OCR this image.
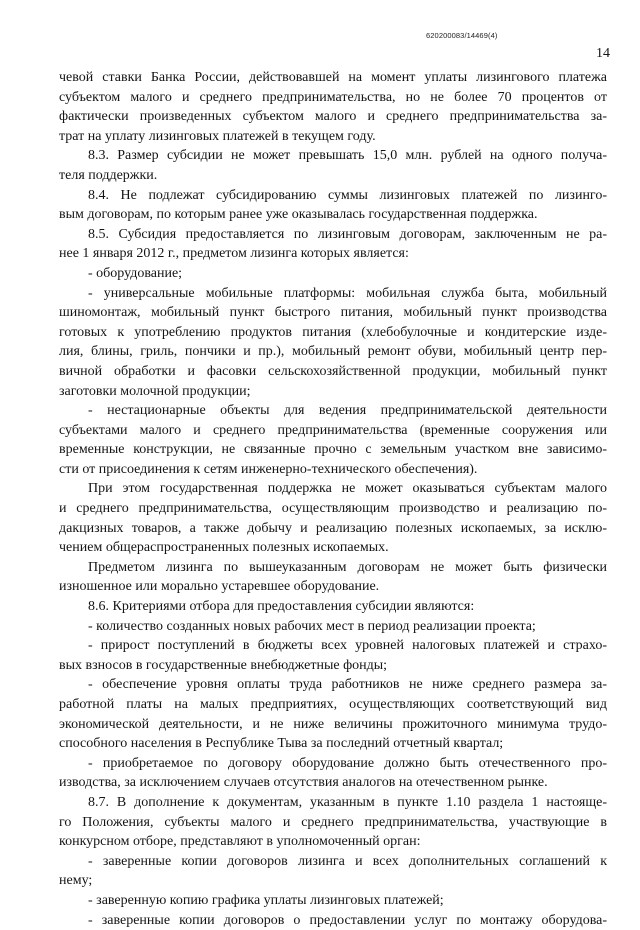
620200083/14469(4)
14

чевой ставки Банка России, действовавшей на момент уплаты лизингового платежа

субъектом малого и среднего предпринимательства, но не более 70 процентов от

фактически произведенных субъектом малого и среднего предпринимательства за-

трат на уплату лизинговых платежей в текущем году.

8.3. Размер субсидии не может превышать 15,0 млн. рублей на одного получа-

теля поддержки.

8.4. Не подлежат субсидированию суммы лизинговых платежей по лизинго-

вым договорам, по которым ранее уже оказывалась государственная поддержка.

8.5. Субсидия предоставляется по лизинговым договорам, заключенным не ра-

нее 1 января 2012 г., предметом лизинга которых является:

- оборудование;

- универсальные мобильные платформы: мобильная служба быта, мобильный

шиномонтаж, мобильный пункт быстрого питания, мобильный пункт производства

готовых к употреблению продуктов питания (хлебобулочные и кондитерские изде-

лия, блины, гриль, пончики и пр.), мобильный ремонт обуви, мобильный центр пер-

вичной обработки и фасовки сельскохозяйственной продукции, мобильный пункт

заготовки молочной продукции;

- нестационарные объекты для ведения предпринимательской деятельности

субъектами малого и среднего предпринимательства (временные сооружения или

временные конструкции, не связанные прочно с земельным участком вне зависимо-

сти от присоединения к сетям инженерно-технического обеспечения).

При этом государственная поддержка не может оказываться субъектам малого

и среднего предпринимательства, осуществляющим производство и реализацию по-

дакцизных товаров, а также добычу и реализацию полезных ископаемых, за исклю-

чением общераспространенных полезных ископаемых.

Предметом лизинга по вышеуказанным договорам не может быть физически

изношенное или морально устаревшее оборудование.

8.6. Критериями отбора для предоставления субсидии являются:

- количество созданных новых рабочих мест в период реализации проекта;

- прирост поступлений в бюджеты всех уровней налоговых платежей и страхо-

вых взносов в государственные внебюджетные фонды;

- обеспечение уровня оплаты труда работников не ниже среднего размера за-

работной платы на малых предприятиях, осуществляющих соответствующий вид

экономической деятельности, и не ниже величины прожиточного минимума трудо-

способного населения в Республике Тыва за последний отчетный квартал;

- приобретаемое по договору оборудование должно быть отечественного про-

изводства, за исключением случаев отсутствия аналогов на отечественном рынке.

8.7. В дополнение к документам, указанным в пункте 1.10 раздела 1 настояще-

го Положения, субъекты малого и среднего предпринимательства, участвующие в

конкурсном отборе, представляют в уполномоченный орган:

- заверенные копии договоров лизинга и всех дополнительных соглашений к

нему;

- заверенную копию графика уплаты лизинговых платежей;

- заверенные копии договоров о предоставлении услуг по монтажу оборудова-
